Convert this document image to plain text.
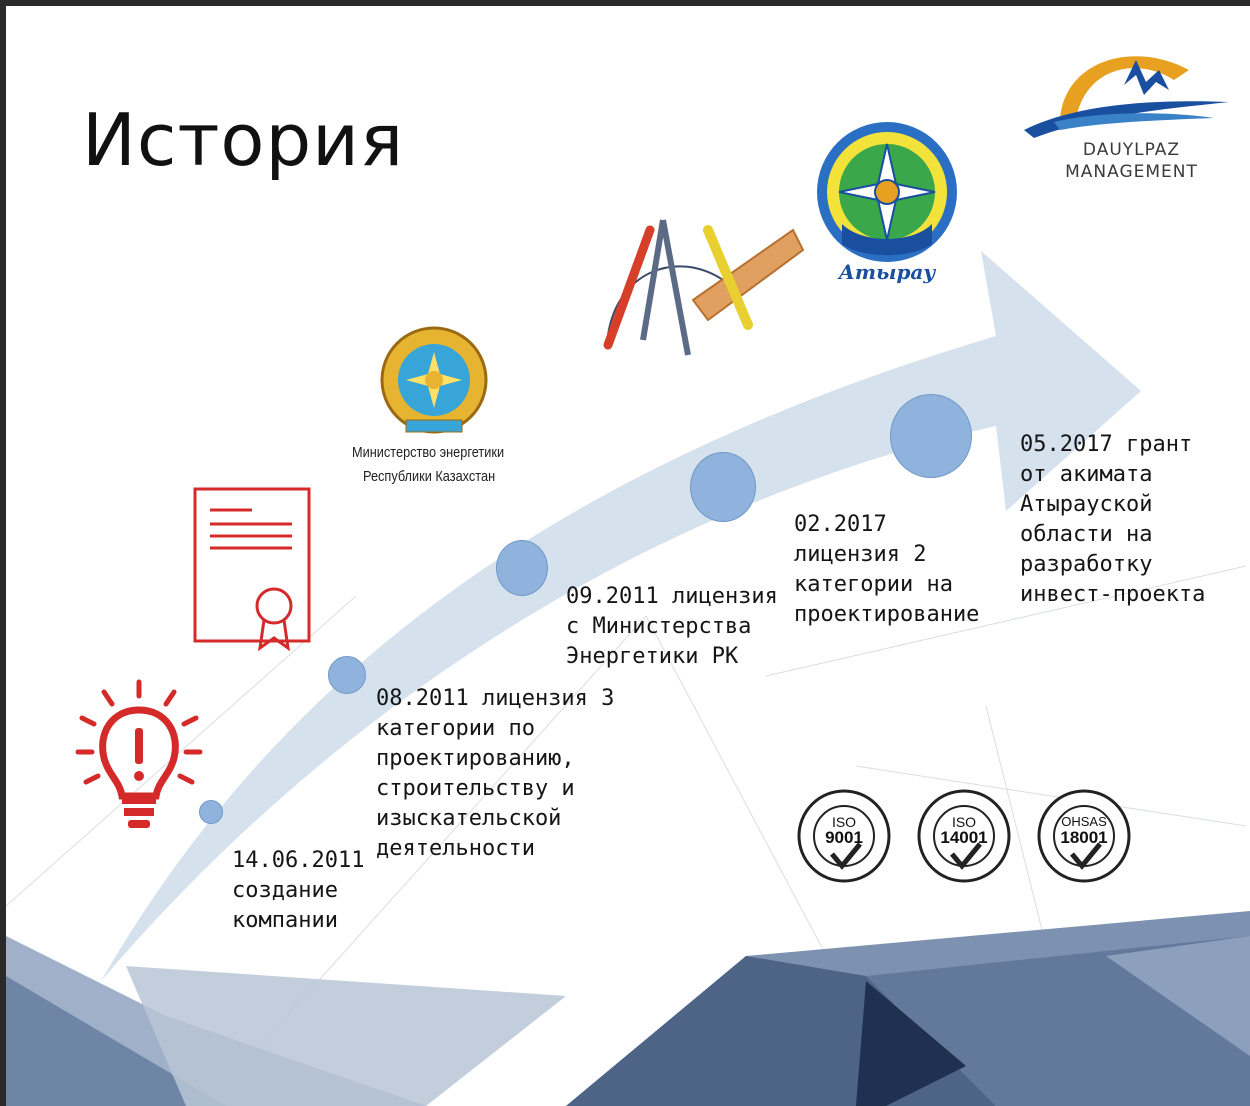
История	DAUYLPAZ
MANAGEMENT
Атырау
Министерство энергетики
Республики Казахстан
14.06.2011
создание
компании
08.2011 лицензия 3
категории по
проектированию,
строительству и
изыскательской
деятельности
09.2011 лицензия
с Министерства
Энергетики РК
02.2017
лицензия 2
категории на
проектирование
05.2017 грант
от акимата
Атырауской
области на
разработку
инвест-проекта
ISO
9001
ISO
14001
OHSAS
18001
